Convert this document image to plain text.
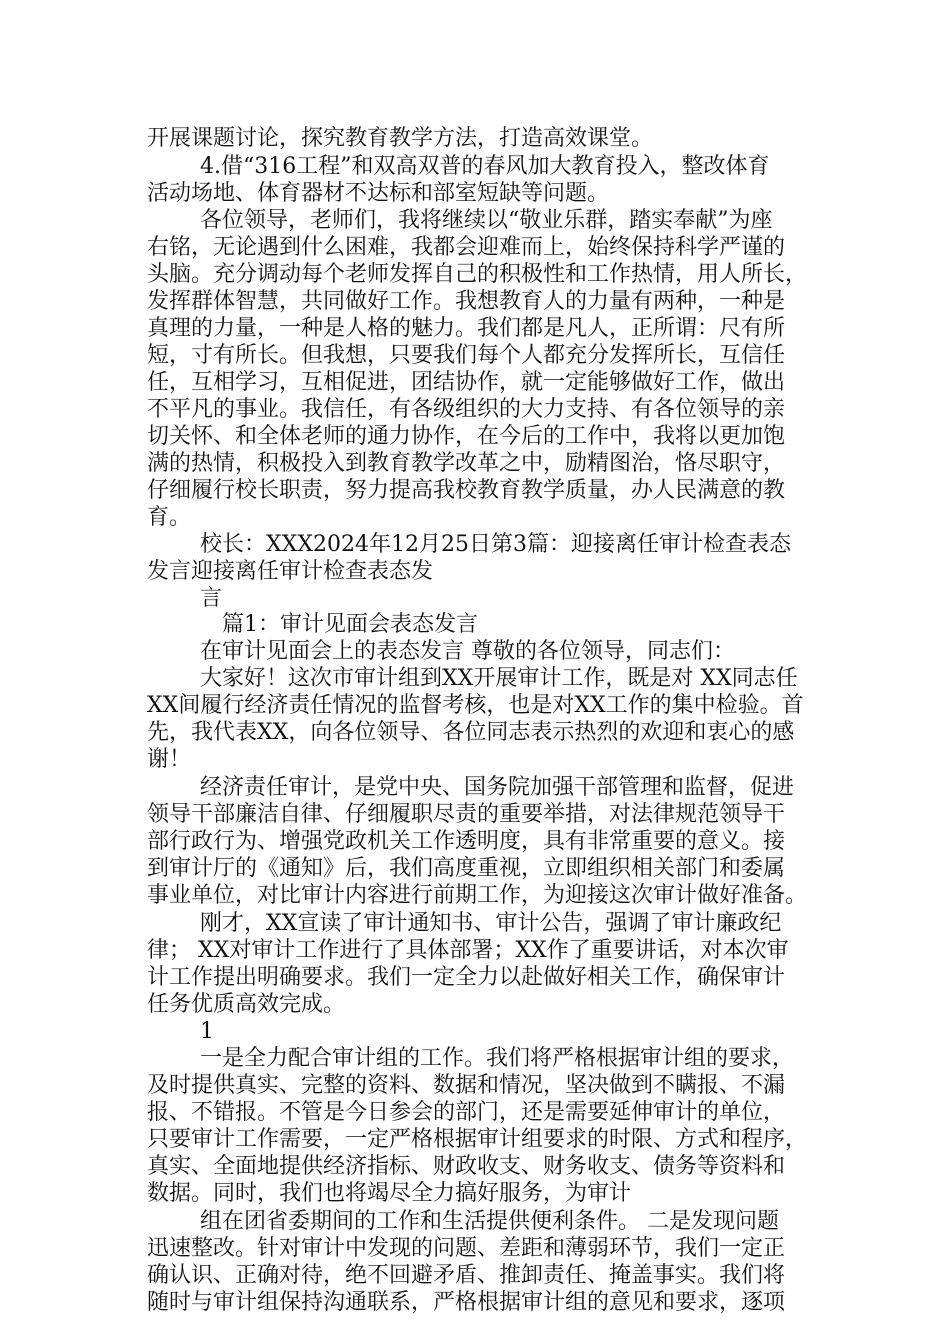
开展课题讨论，探究教育教学方法，打造高效课堂。
4.借“316工程”和双高双普的春风加大教育投入，整改体育
活动场地、体育器材不达标和部室短缺等问题。
各位领导，老师们，我将继续以“敬业乐群，踏实奉献”为座
右铭，无论遇到什么困难，我都会迎难而上，始终保持科学严谨的
头脑。充分调动每个老师发挥自己的积极性和工作热情，用人所长，
发挥群体智慧，共同做好工作。我想教育人的力量有两种，一种是
真理的力量，一种是人格的魅力。我们都是凡人，正所谓：尺有所
短，寸有所长。但我想，只要我们每个人都充分发挥所长，互信任
任，互相学习，互相促进，团结协作，就一定能够做好工作，做出
不平凡的事业。我信任，有各级组织的大力支持、有各位领导的亲
切关怀、和全体老师的通力协作，在今后的工作中，我将以更加饱
满的热情，积极投入到教育教学改革之中，励精图治，恪尽职守，
仔细履行校长职责，努力提高我校教育教学质量，办人民满意的教
育。
校长：XXX2024年12月25日第3篇：迎接离任审计检查表态
发言迎接离任审计检查表态发
言
篇1：审计见面会表态发言
在审计见面会上的表态发言 尊敬的各位领导，同志们：
大家好！这次市审计组到XX开展审计工作，既是对 XX同志任
XX间履行经济责任情况的监督考核，也是对XX工作的集中检验。首
先，我代表XX，向各位领导、各位同志表示热烈的欢迎和衷心的感
谢！
经济责任审计，是党中央、国务院加强干部管理和监督，促进
领导干部廉洁自律、仔细履职尽责的重要举措，对法律规范领导干
部行政行为、增强党政机关工作透明度，具有非常重要的意义。接
到审计厅的《通知》后，我们高度重视，立即组织相关部门和委属
事业单位，对比审计内容进行前期工作，为迎接这次审计做好准备。
刚才，XX宣读了审计通知书、审计公告，强调了审计廉政纪
律； XX对审计工作进行了具体部署；XX作了重要讲话，对本次审
计工作提出明确要求。我们一定全力以赴做好相关工作，确保审计
任务优质高效完成。
1
一是全力配合审计组的工作。我们将严格根据审计组的要求，
及时提供真实、完整的资料、数据和情况，坚决做到不瞒报、不漏
报、不错报。不管是今日参会的部门，还是需要延伸审计的单位，
只要审计工作需要，一定严格根据审计组要求的时限、方式和程序，
真实、全面地提供经济指标、财政收支、财务收支、债务等资料和
数据。同时，我们也将竭尽全力搞好服务，为审计
组在团省委期间的工作和生活提供便利条件。 二是发现问题
迅速整改。针对审计中发现的问题、差距和薄弱环节，我们一定正
确认识、正确对待，绝不回避矛盾、推卸责任、掩盖事实。我们将
随时与审计组保持沟通联系，严格根据审计组的意见和要求，逐项
